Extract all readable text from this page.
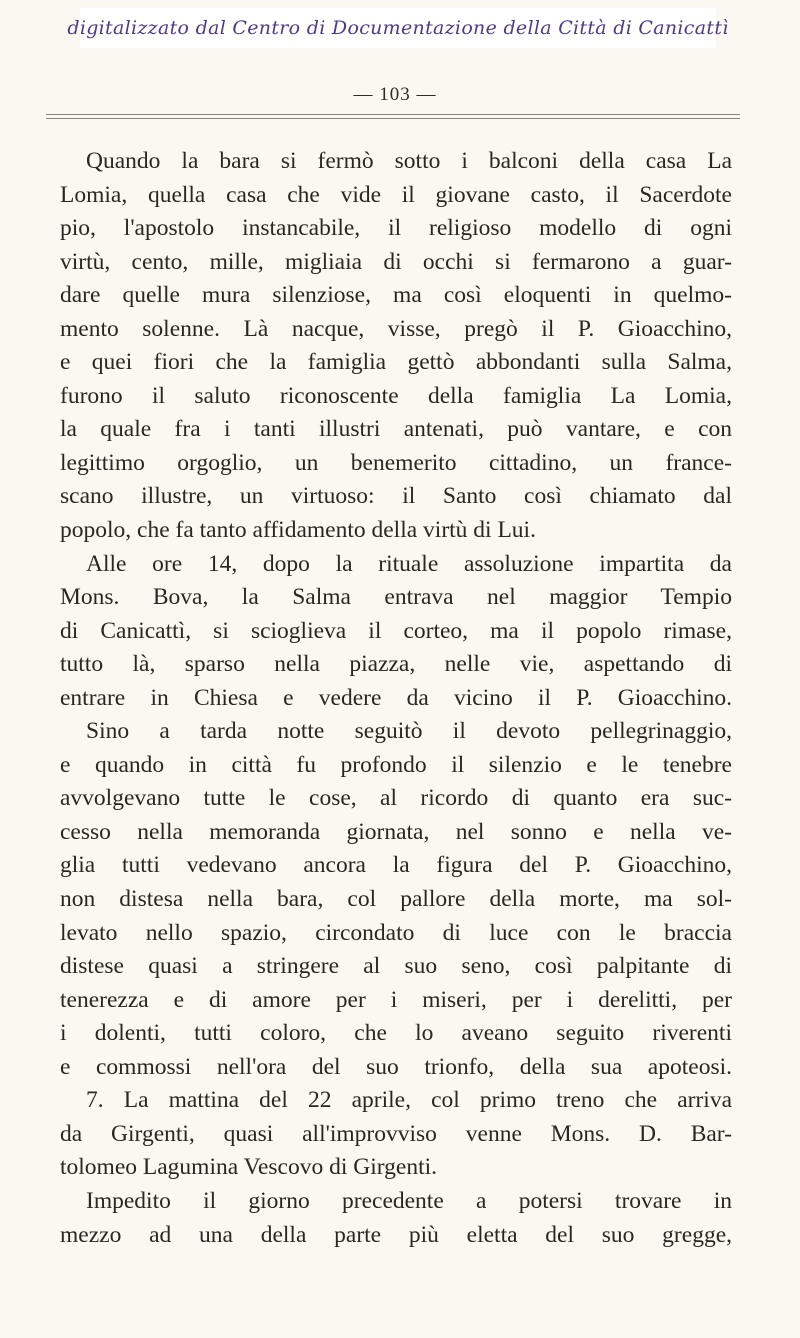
digitalizzato dal Centro di Documentazione della Città di Canicattì
— 103 —
Quando la bara si fermò sotto i balconi della casa La
Lomia, quella casa che vide il giovane casto, il Sacerdote
pio, l'apostolo instancabile, il religioso modello di ogni
virtù, cento, mille, migliaia di occhi si fermarono a guar-
dare quelle mura silenziose, ma così eloquenti in quelmo-
mento solenne. Là nacque, visse, pregò il P. Gioacchino,
e quei fiori che la famiglia gettò abbondanti sulla Salma,
furono il saluto riconoscente della famiglia La Lomia,
la quale fra i tanti illustri antenati, può vantare, e con
legittimo orgoglio, un benemerito cittadino, un france-
scano illustre, un virtuoso: il Santo così chiamato dal
popolo, che fa tanto affidamento della virtù di Lui.
Alle ore 14, dopo la rituale assoluzione impartita da
Mons. Bova, la Salma entrava nel maggior Tempio
di Canicattì, si scioglieva il corteo, ma il popolo rimase,
tutto là, sparso nella piazza, nelle vie, aspettando di
entrare in Chiesa e vedere da vicino il P. Gioacchino.
Sino a tarda notte seguitò il devoto pellegrinaggio,
e quando in città fu profondo il silenzio e le tenebre
avvolgevano tutte le cose, al ricordo di quanto era suc-
cesso nella memoranda giornata, nel sonno e nella ve-
glia tutti vedevano ancora la figura del P. Gioacchino,
non distesa nella bara, col pallore della morte, ma sol-
levato nello spazio, circondato di luce con le braccia
distese quasi a stringere al suo seno, così palpitante di
tenerezza e di amore per i miseri, per i derelitti, per
i dolenti, tutti coloro, che lo aveano seguito riverenti
e commossi nell'ora del suo trionfo, della sua apoteosi.
7. La mattina del 22 aprile, col primo treno che arriva
da Girgenti, quasi all'improvviso venne Mons. D. Bar-
tolomeo Lagumina Vescovo di Girgenti.
Impedito il giorno precedente a potersi trovare in
mezzo ad una della parte più eletta del suo gregge,
